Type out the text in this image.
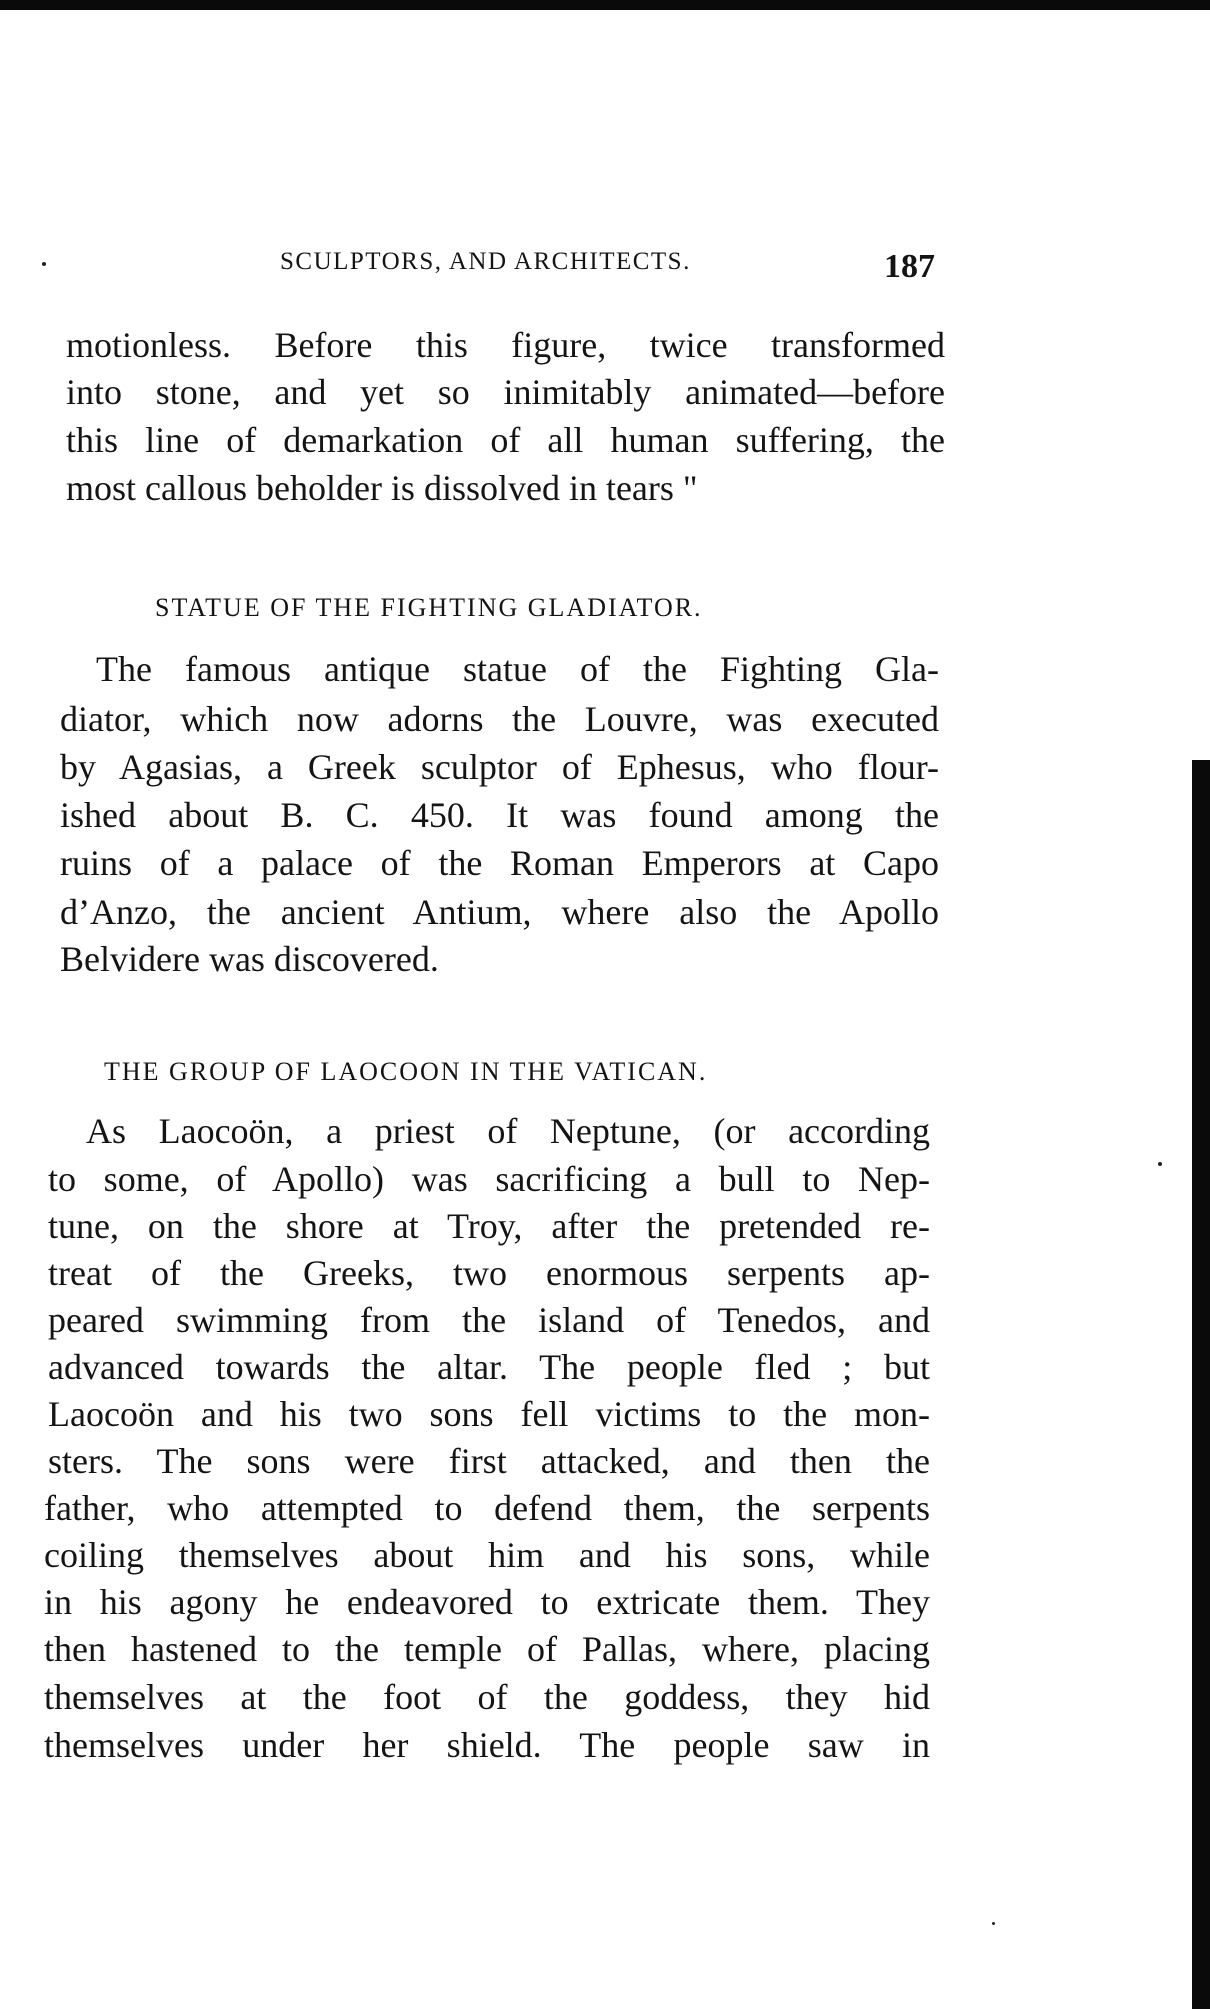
SCULPTORS, AND ARCHITECTS.	187
motionless. Before this figure, twice transformed
into stone, and yet so inimitably animated—before
this line of demarkation of all human suffering, the
most callous beholder is dissolved in tears "
STATUE OF THE FIGHTING GLADIATOR.
The famous antique statue of the Fighting Gla-
diator, which now adorns the Louvre, was executed
by Agasias, a Greek sculptor of Ephesus, who flour-
ished about B. C. 450. It was found among the
ruins of a palace of the Roman Emperors at Capo
d’Anzo, the ancient Antium, where also the Apollo
Belvidere was discovered.
THE GROUP OF LAOCOON IN THE VATICAN.
As Laocoön, a priest of Neptune, (or according
to some, of Apollo) was sacrificing a bull to Nep-
tune, on the shore at Troy, after the pretended re-
treat of the Greeks, two enormous serpents ap-
peared swimming from the island of Tenedos, and
advanced towards the altar. The people fled ; but
Laocoön and his two sons fell victims to the mon-
sters. The sons were first attacked, and then the
father, who attempted to defend them, the serpents
coiling themselves about him and his sons, while
in his agony he endeavored to extricate them. They
then hastened to the temple of Pallas, where, placing
themselves at the foot of the goddess, they hid
themselves under her shield. The people saw in
